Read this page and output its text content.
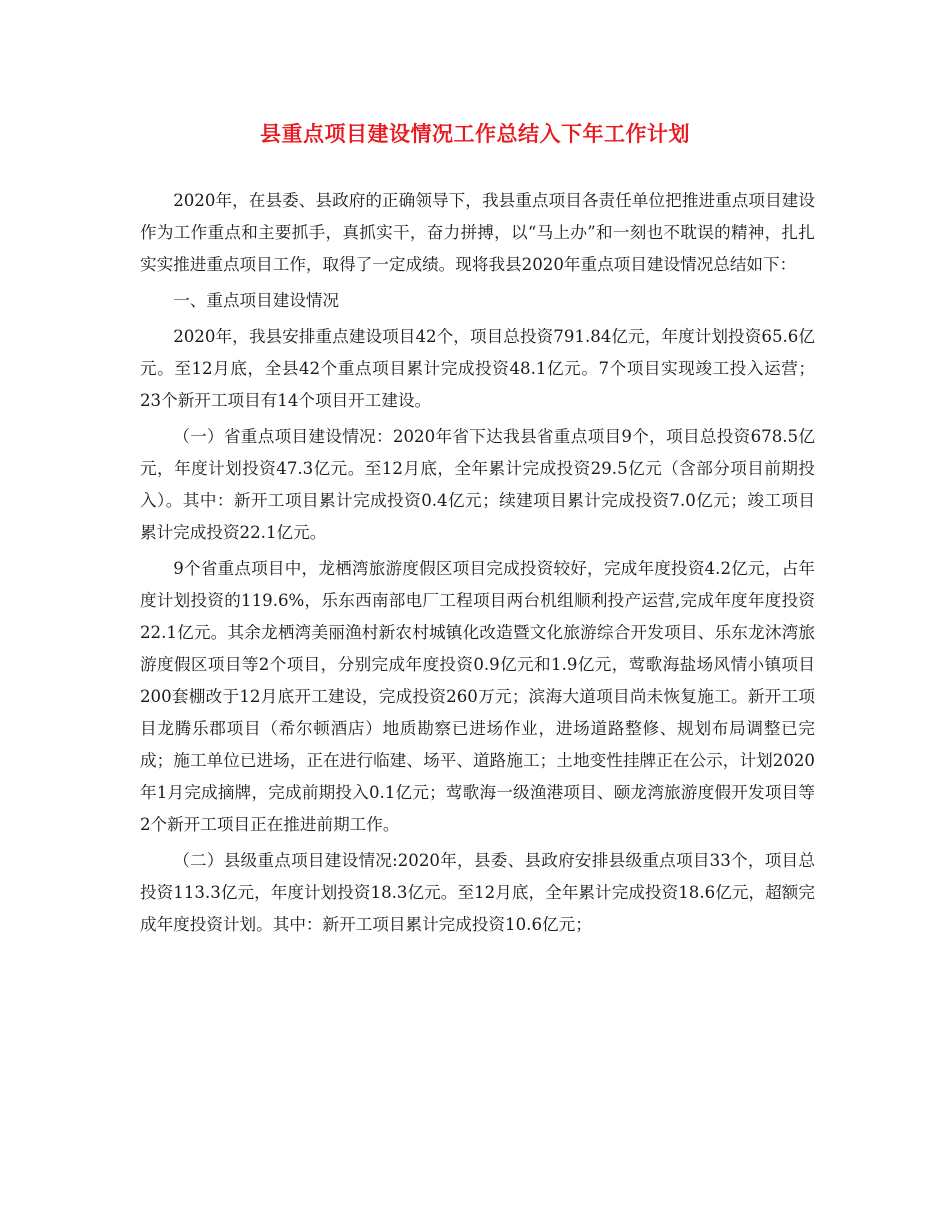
县重点项目建设情况工作总结入下年工作计划

2020年，在县委、县政府的正确领导下，我县重点项目各责任单位把推进重点项目建设作为工作重点和主要抓手，真抓实干，奋力拼搏，以“马上办”和一刻也不耽误的精神，扎扎实实推进重点项目工作，取得了一定成绩。现将我县2020年重点项目建设情况总结如下：

一、重点项目建设情况

2020年，我县安排重点建设项目42个，项目总投资791.84亿元，年度计划投资65.6亿元。至12月底，全县42个重点项目累计完成投资48.1亿元。7个项目实现竣工投入运营；23个新开工项目有14个项目开工建设。

（一）省重点项目建设情况：2020年省下达我县省重点项目9个，项目总投资678.5亿元，年度计划投资47.3亿元。至12月底，全年累计完成投资29.5亿元（含部分项目前期投入）。其中：新开工项目累计完成投资0.4亿元；续建项目累计完成投资7.0亿元；竣工项目累计完成投资22.1亿元。

9个省重点项目中，龙栖湾旅游度假区项目完成投资较好，完成年度投资4.2亿元，占年度计划投资的119.6%，乐东西南部电厂工程项目两台机组顺利投产运营,完成年度年度投资22.1亿元。其余龙栖湾美丽渔村新农村城镇化改造暨文化旅游综合开发项目、乐东龙沐湾旅游度假区项目等2个项目，分别完成年度投资0.9亿元和1.9亿元，莺歌海盐场风情小镇项目200套棚改于12月底开工建设，完成投资260万元；滨海大道项目尚未恢复施工。新开工项目龙腾乐郡项目（希尔顿酒店）地质勘察已进场作业，进场道路整修、规划布局调整已完成；施工单位已进场，正在进行临建、场平、道路施工；土地变性挂牌正在公示，计划2020年1月完成摘牌，完成前期投入0.1亿元；莺歌海一级渔港项目、颐龙湾旅游度假开发项目等2个新开工项目正在推进前期工作。

（二）县级重点项目建设情况:2020年，县委、县政府安排县级重点项目33个，项目总投资113.3亿元，年度计划投资18.3亿元。至12月底，全年累计完成投资18.6亿元，超额完成年度投资计划。其中：新开工项目累计完成投资10.6亿元；
